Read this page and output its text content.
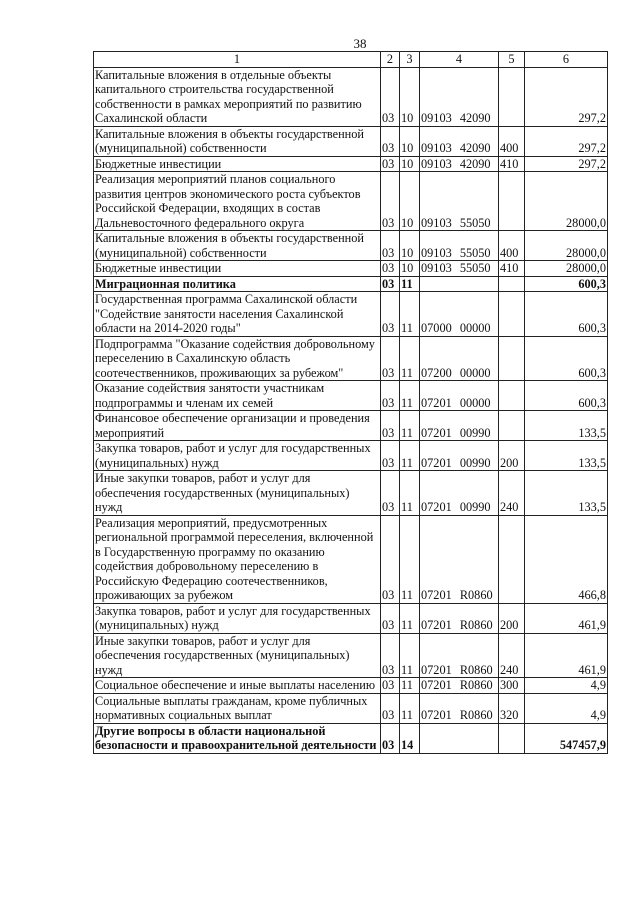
38
1	2	3	4	5	6
Капитальные вложения в отдельные объекты капитального строительства государственной собственности в рамках мероприятий по развитию Сахалинской области	03	10	09103 42090		297,2
Капитальные вложения в объекты государственной (муниципальной) собственности	03	10	09103 42090	400	297,2
Бюджетные инвестиции	03	10	09103 42090	410	297,2
Реализация мероприятий планов социального развития центров экономического роста субъектов Российской Федерации, входящих в состав Дальневосточного федерального округа	03	10	09103 55050		28000,0
Капитальные вложения в объекты государственной (муниципальной) собственности	03	10	09103 55050	400	28000,0
Бюджетные инвестиции	03	10	09103 55050	410	28000,0
Миграционная политика	03	11			600,3
Государственная программа Сахалинской области "Содействие занятости населения Сахалинской области на 2014-2020 годы"	03	11	07000 00000		600,3
Подпрограмма "Оказание содействия добровольному переселению в Сахалинскую область соотечественников, проживающих за рубежом"	03	11	07200 00000		600,3
Оказание содействия занятости участникам подпрограммы и членам их семей	03	11	07201 00000		600,3
Финансовое обеспечение организации и проведения мероприятий	03	11	07201 00990		133,5
Закупка товаров, работ и услуг для государственных (муниципальных) нужд	03	11	07201 00990	200	133,5
Иные закупки товаров, работ и услуг для обеспечения государственных (муниципальных) нужд	03	11	07201 00990	240	133,5
Реализация мероприятий, предусмотренных региональной программой переселения, включенной в Государственную программу по оказанию содействия добровольному переселению в Российскую Федерацию соотечественников, проживающих за рубежом	03	11	07201 R0860		466,8
Закупка товаров, работ и услуг для государственных (муниципальных) нужд	03	11	07201 R0860	200	461,9
Иные закупки товаров, работ и услуг для обеспечения государственных (муниципальных) нужд	03	11	07201 R0860	240	461,9
Социальное обеспечение и иные выплаты населению	03	11	07201 R0860	300	4,9
Социальные выплаты гражданам, кроме публичных нормативных социальных выплат	03	11	07201 R0860	320	4,9
Другие вопросы в области национальной безопасности и правоохранительной деятельности	03	14			547457,9
